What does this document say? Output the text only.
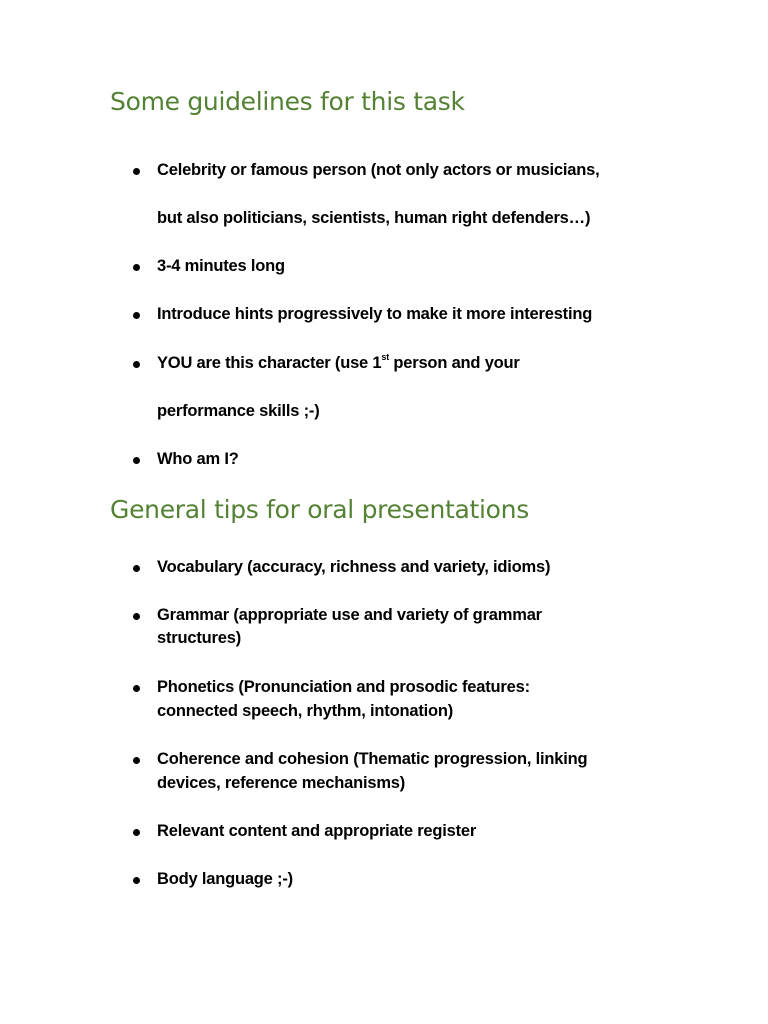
Some guidelines for this task
Celebrity or famous person (not only actors or musicians,
but also politicians, scientists, human right defenders…)
3-4 minutes long
Introduce hints progressively to make it more interesting
YOU are this character (use 1st person and your
performance skills ;-)
Who am I?
General tips for oral presentations
Vocabulary (accuracy, richness and variety, idioms)
Grammar (appropriate use and variety of grammar
structures)
Phonetics (Pronunciation and prosodic features:
connected speech, rhythm, intonation)
Coherence and cohesion (Thematic progression, linking
devices, reference mechanisms)
Relevant content and appropriate register
Body language ;-)
